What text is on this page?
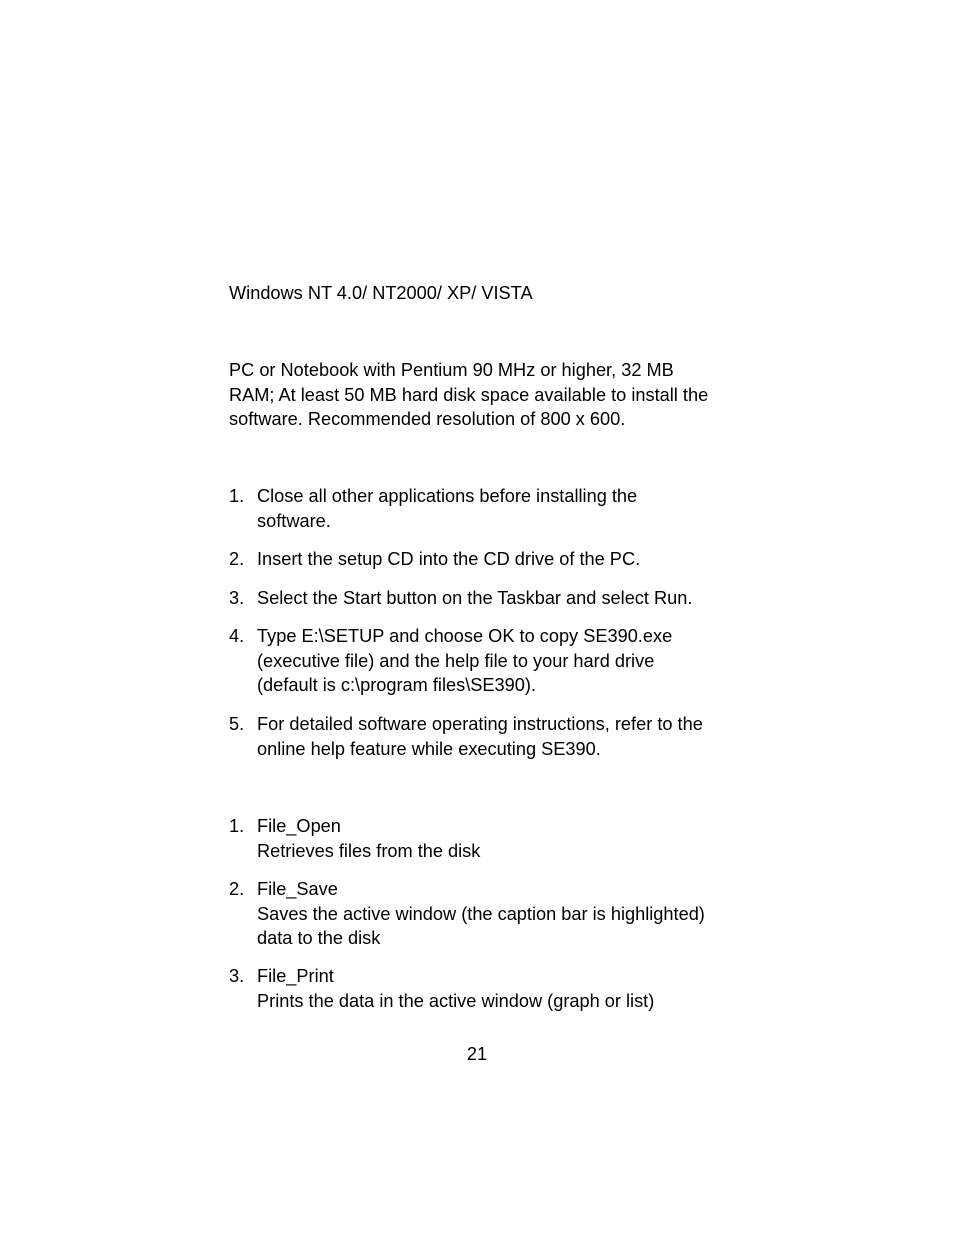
Windows NT 4.0/ NT2000/ XP/ VISTA
PC or Notebook with Pentium 90 MHz or higher, 32 MB
RAM; At least 50 MB hard disk space available to install the
software. Recommended resolution of 800 x 600.
1. Close all other applications before installing the
software.
2. Insert the setup CD into the CD drive of the PC.
3. Select the Start button on the Taskbar and select Run.
4. Type E:\SETUP and choose OK to copy SE390.exe
(executive file) and the help file to your hard drive
(default is c:\program files\SE390).
5. For detailed software operating instructions, refer to the
online help feature while executing SE390.
1. File_Open
Retrieves files from the disk
2. File_Save
Saves the active window (the caption bar is highlighted)
data to the disk
3. File_Print
Prints the data in the active window (graph or list)
21
